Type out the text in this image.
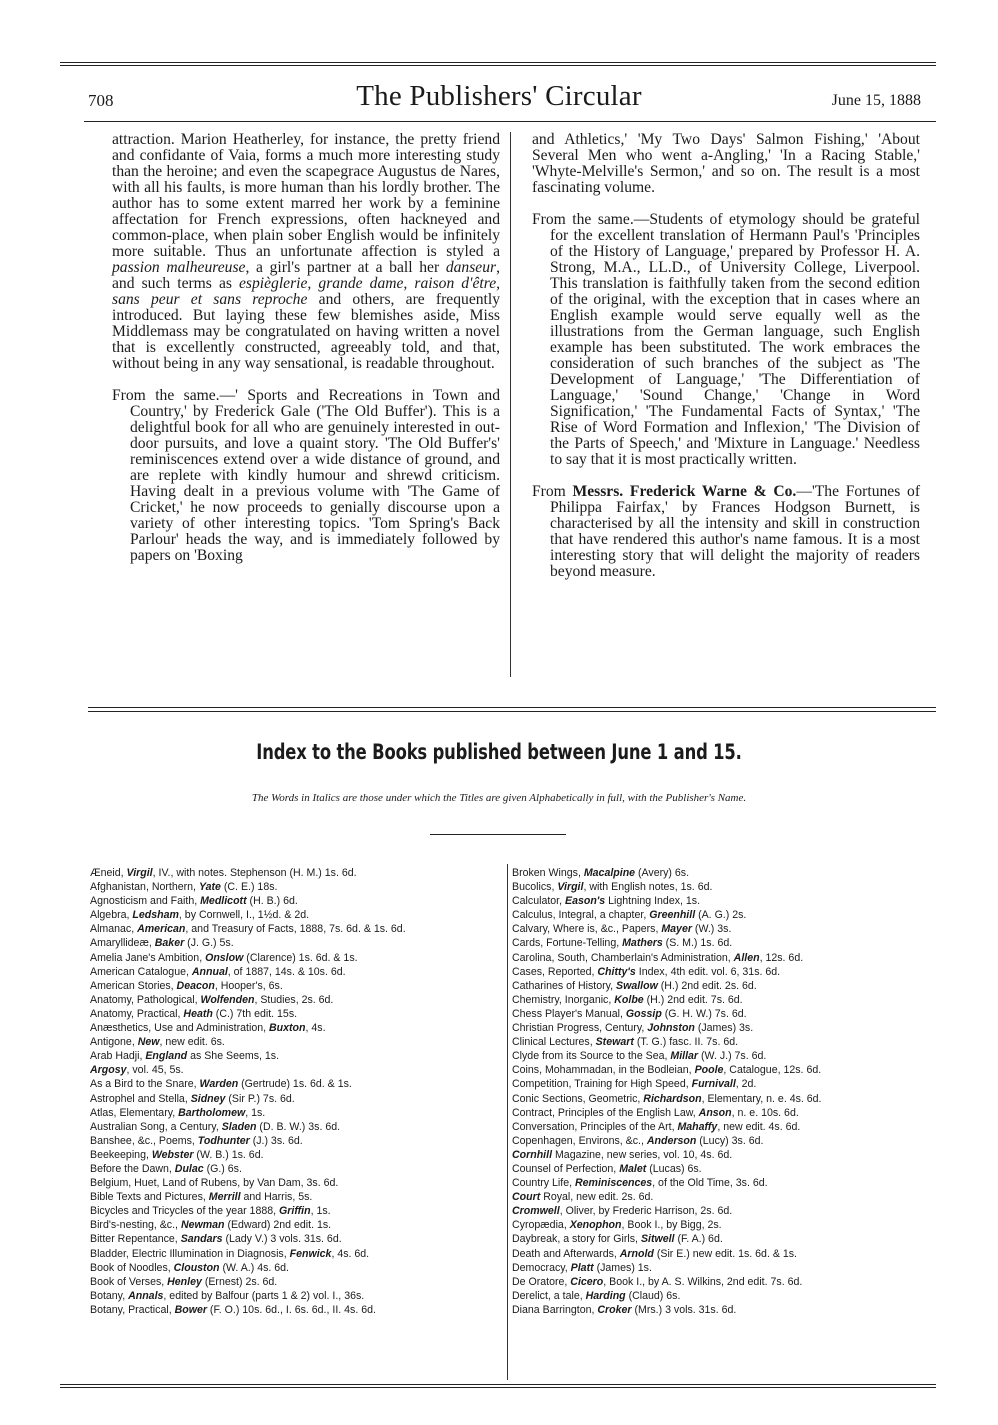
708	The Publishers' Circular	June 15, 1888

attraction. Marion Heatherley, for instance, the pretty friend and confidante of Vaia, forms a much more interesting study than the heroine; and even the scapegrace Augustus de Nares, with all his faults, is more human than his lordly brother. The author has to some extent marred her work by a feminine affectation for French expressions, often hackneyed and common-place, when plain sober English would be infinitely more suitable. Thus an unfortunate affection is styled a passion malheureuse, a girl's partner at a ball her danseur, and such terms as espièglerie, grande dame, raison d'être, sans peur et sans reproche and others, are frequently introduced. But laying these few blemishes aside, Miss Middlemass may be congratulated on having written a novel that is excellently constructed, agreeably told, and that, without being in any way sensational, is readable throughout.

From the same.—' Sports and Recreations in Town and Country,' by Frederick Gale ('The Old Buffer'). This is a delightful book for all who are genuinely interested in out-door pursuits, and love a quaint story. 'The Old Buffer's' reminiscences extend over a wide distance of ground, and are replete with kindly humour and shrewd criticism. Having dealt in a previous volume with 'The Game of Cricket,' he now proceeds to genially discourse upon a variety of other interesting topics. 'Tom Spring's Back Parlour' heads the way, and is immediately followed by papers on 'Boxing

and Athletics,' 'My Two Days' Salmon Fishing,' 'About Several Men who went a-Angling,' 'In a Racing Stable,' 'Whyte-Melville's Sermon,' and so on. The result is a most fascinating volume.

From the same.—Students of etymology should be grateful for the excellent translation of Hermann Paul's 'Principles of the History of Language,' prepared by Professor H. A. Strong, M.A., LL.D., of University College, Liverpool. This translation is faithfully taken from the second edition of the original, with the exception that in cases where an English example would serve equally well as the illustrations from the German language, such English example has been substituted. The work embraces the consideration of such branches of the subject as 'The Development of Language,' 'The Differentiation of Language,' 'Sound Change,' 'Change in Word Signification,' 'The Fundamental Facts of Syntax,' 'The Rise of Word Formation and Inflexion,' 'The Division of the Parts of Speech,' and 'Mixture in Language.' Needless to say that it is most practically written.

From Messrs. Frederick Warne & Co.—'The Fortunes of Philippa Fairfax,' by Frances Hodgson Burnett, is characterised by all the intensity and skill in construction that have rendered this author's name famous. It is a most interesting story that will delight the majority of readers beyond measure.

Index to the Books published between June 1 and 15.
The Words in Italics are those under which the Titles are given Alphabetically in full, with the Publisher's Name.
Æneid, Virgil, IV., with notes. Stephenson (H. M.) 1s. 6d.
Afghanistan, Northern, Yate (C. E.) 18s.
Agnosticism and Faith, Medlicott (H. B.) 6d.
Algebra, Ledsham, by Cornwell, I., 1½d. & 2d.
Almanac, American, and Treasury of Facts, 1888, 7s. 6d. & 1s. 6d.
Amaryllideæ, Baker (J. G.) 5s.
Amelia Jane's Ambition, Onslow (Clarence) 1s. 6d. & 1s.
American Catalogue, Annual, of 1887, 14s. & 10s. 6d.
American Stories, Deacon, Hooper's, 6s.
Anatomy, Pathological, Wolfenden, Studies, 2s. 6d.
Anatomy, Practical, Heath (C.) 7th edit. 15s.
Anæsthetics, Use and Administration, Buxton, 4s.
Antigone, New, new edit. 6s.
Arab Hadji, England as She Seems, 1s.
Argosy, vol. 45, 5s.
As a Bird to the Snare, Warden (Gertrude) 1s. 6d. & 1s.
Astrophel and Stella, Sidney (Sir P.) 7s. 6d.
Atlas, Elementary, Bartholomew, 1s.
Australian Song, a Century, Sladen (D. B. W.) 3s. 6d.
Banshee, &c., Poems, Todhunter (J.) 3s. 6d.
Beekeeping, Webster (W. B.) 1s. 6d.
Before the Dawn, Dulac (G.) 6s.
Belgium, Huet, Land of Rubens, by Van Dam, 3s. 6d.
Bible Texts and Pictures, Merrill and Harris, 5s.
Bicycles and Tricycles of the year 1888, Griffin, 1s.
Bird's-nesting, &c., Newman (Edward) 2nd edit. 1s.
Bitter Repentance, Sandars (Lady V.) 3 vols. 31s. 6d.
Bladder, Electric Illumination in Diagnosis, Fenwick, 4s. 6d.
Book of Noodles, Clouston (W. A.) 4s. 6d.
Book of Verses, Henley (Ernest) 2s. 6d.
Botany, Annals, edited by Balfour (parts 1 & 2) vol. I., 36s.
Botany, Practical, Bower (F. O.) 10s. 6d., I. 6s. 6d., II. 4s. 6d.
Broken Wings, Macalpine (Avery) 6s.
Bucolics, Virgil, with English notes, 1s. 6d.
Calculator, Eason's Lightning Index, 1s.
Calculus, Integral, a chapter, Greenhill (A. G.) 2s.
Calvary, Where is, &c., Papers, Mayer (W.) 3s.
Cards, Fortune-Telling, Mathers (S. M.) 1s. 6d.
Carolina, South, Chamberlain's Administration, Allen, 12s. 6d.
Cases, Reported, Chitty's Index, 4th edit. vol. 6, 31s. 6d.
Catharines of History, Swallow (H.) 2nd edit. 2s. 6d.
Chemistry, Inorganic, Kolbe (H.) 2nd edit. 7s. 6d.
Chess Player's Manual, Gossip (G. H. W.) 7s. 6d.
Christian Progress, Century, Johnston (James) 3s.
Clinical Lectures, Stewart (T. G.) fasc. II. 7s. 6d.
Clyde from its Source to the Sea, Millar (W. J.) 7s. 6d.
Coins, Mohammadan, in the Bodleian, Poole, Catalogue, 12s. 6d.
Competition, Training for High Speed, Furnivall, 2d.
Conic Sections, Geometric, Richardson, Elementary, n. e. 4s. 6d.
Contract, Principles of the English Law, Anson, n. e. 10s. 6d.
Conversation, Principles of the Art, Mahaffy, new edit. 4s. 6d.
Copenhagen, Environs, &c., Anderson (Lucy) 3s. 6d.
Cornhill Magazine, new series, vol. 10, 4s. 6d.
Counsel of Perfection, Malet (Lucas) 6s.
Country Life, Reminiscences, of the Old Time, 3s. 6d.
Court Royal, new edit. 2s. 6d.
Cromwell, Oliver, by Frederic Harrison, 2s. 6d.
Cyropædia, Xenophon, Book I., by Bigg, 2s.
Daybreak, a story for Girls, Sitwell (F. A.) 6d.
Death and Afterwards, Arnold (Sir E.) new edit. 1s. 6d. & 1s.
Democracy, Platt (James) 1s.
De Oratore, Cicero, Book I., by A. S. Wilkins, 2nd edit. 7s. 6d.
Derelict, a tale, Harding (Claud) 6s.
Diana Barrington, Croker (Mrs.) 3 vols. 31s. 6d.
